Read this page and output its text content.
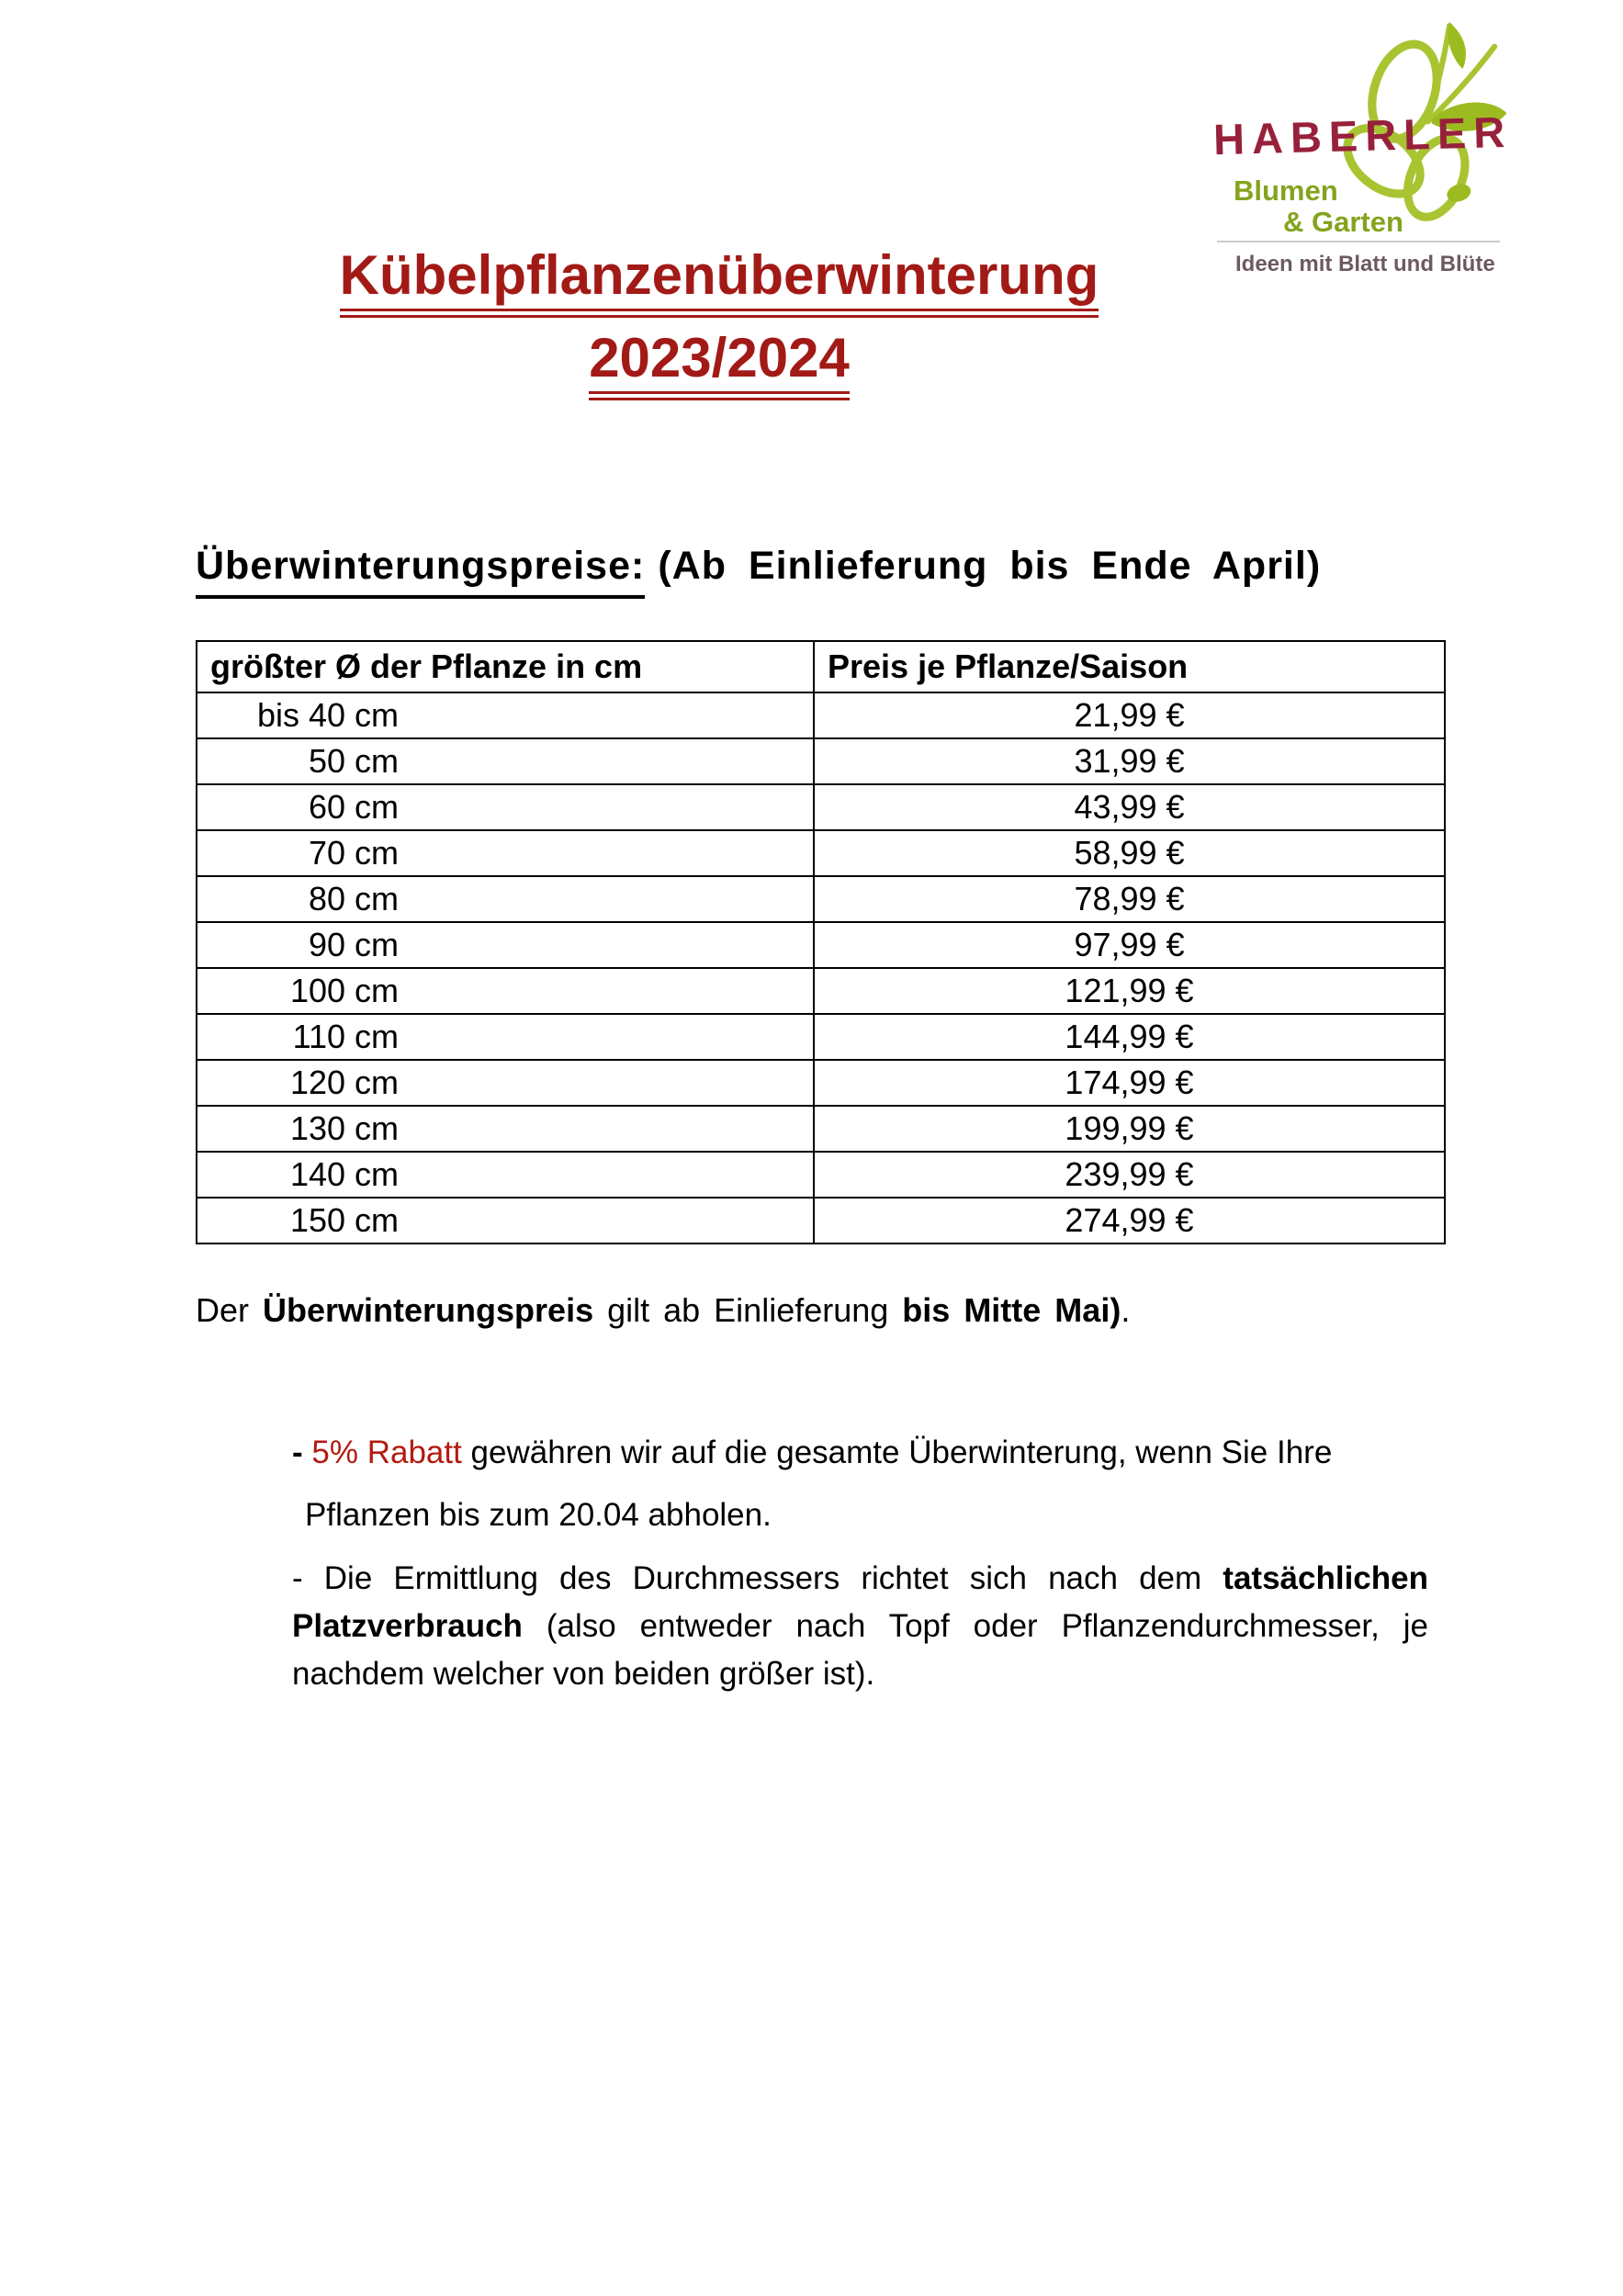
HABERLER
Blumen
& Garten
Ideen mit Blatt und Blüte
Kübelpflanzenüberwinterung
2023/2024
Überwinterungspreise: (Ab Einlieferung bis Ende April)
größter Ø der Pflanze in cm	Preis je Pflanze/Saison

bis 40 cm	21,99 €

50 cm	31,99 €

60 cm	43,99 €

70 cm	58,99 €

80 cm	78,99 €

90 cm	97,99 €

100 cm	121,99 €

110 cm	144,99 €

120 cm	174,99 €

130 cm	199,99 €

140 cm	239,99 €

150 cm	274,99 €
Der Überwinterungspreis gilt ab Einlieferung bis Mitte Mai).
- 5% Rabatt gewähren wir auf die gesamte Überwinterung, wenn Sie Ihre
Pflanzen bis zum 20.04 abholen.
- Die Ermittlung des Durchmessers richtet sich nach dem tatsächlichen
Platzverbrauch (also entweder nach Topf oder Pflanzendurchmesser, je
nachdem welcher von beiden größer ist).
